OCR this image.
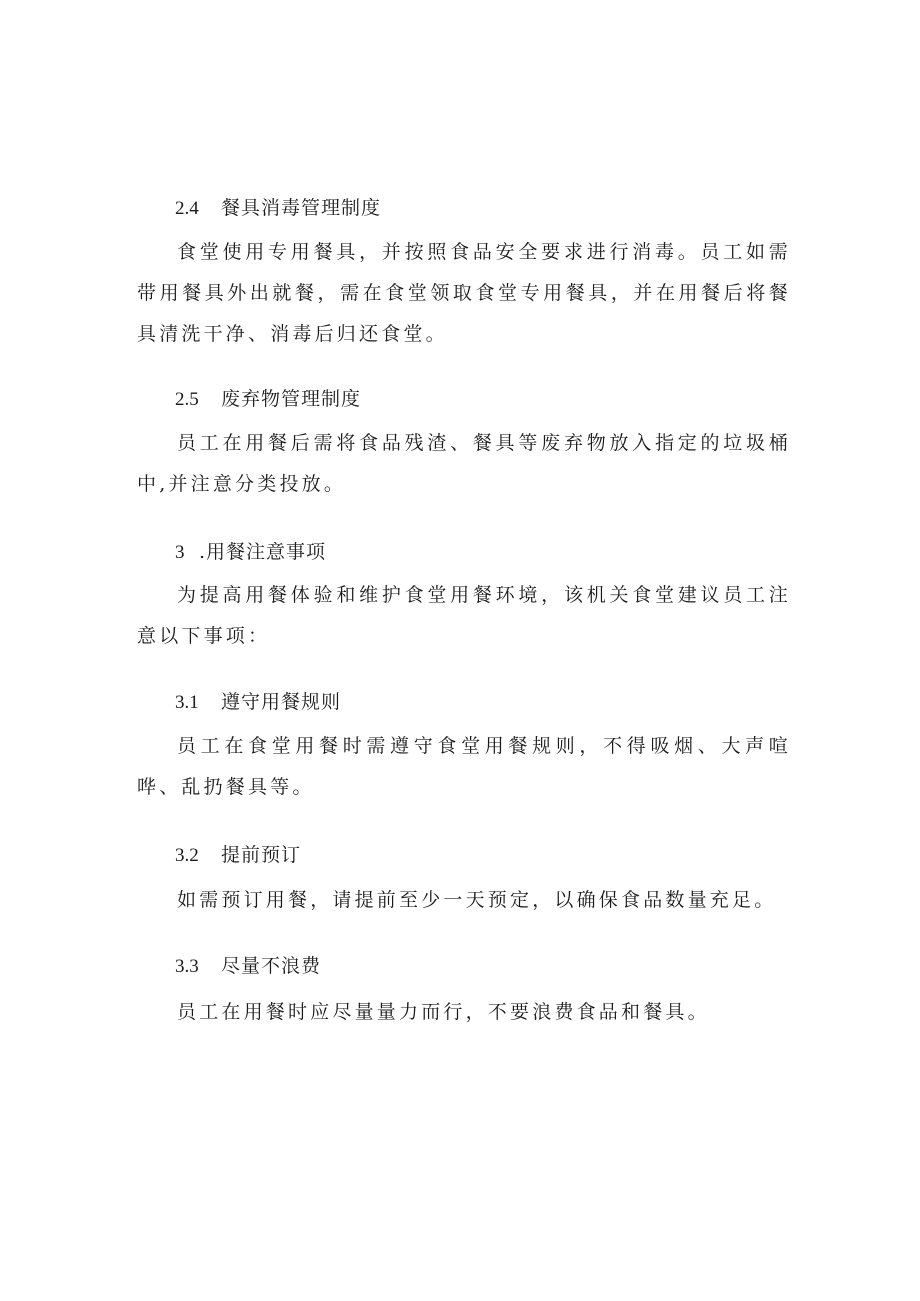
2.4 餐具消毒管理制度

食堂使用专用餐具，并按照食品安全要求进行消毒。员工如需带用餐具外出就餐，需在食堂领取食堂专用餐具，并在用餐后将餐具清洗干净、消毒后归还食堂。

2.5 废弃物管理制度

员工在用餐后需将食品残渣、餐具等废弃物放入指定的垃圾桶中,并注意分类投放。

3 .用餐注意事项

为提高用餐体验和维护食堂用餐环境，该机关食堂建议员工注意以下事项：

3.1 遵守用餐规则

员工在食堂用餐时需遵守食堂用餐规则，不得吸烟、大声喧哗、乱扔餐具等。

3.2 提前预订

如需预订用餐，请提前至少一天预定，以确保食品数量充足。

3.3 尽量不浪费

员工在用餐时应尽量量力而行，不要浪费食品和餐具。
